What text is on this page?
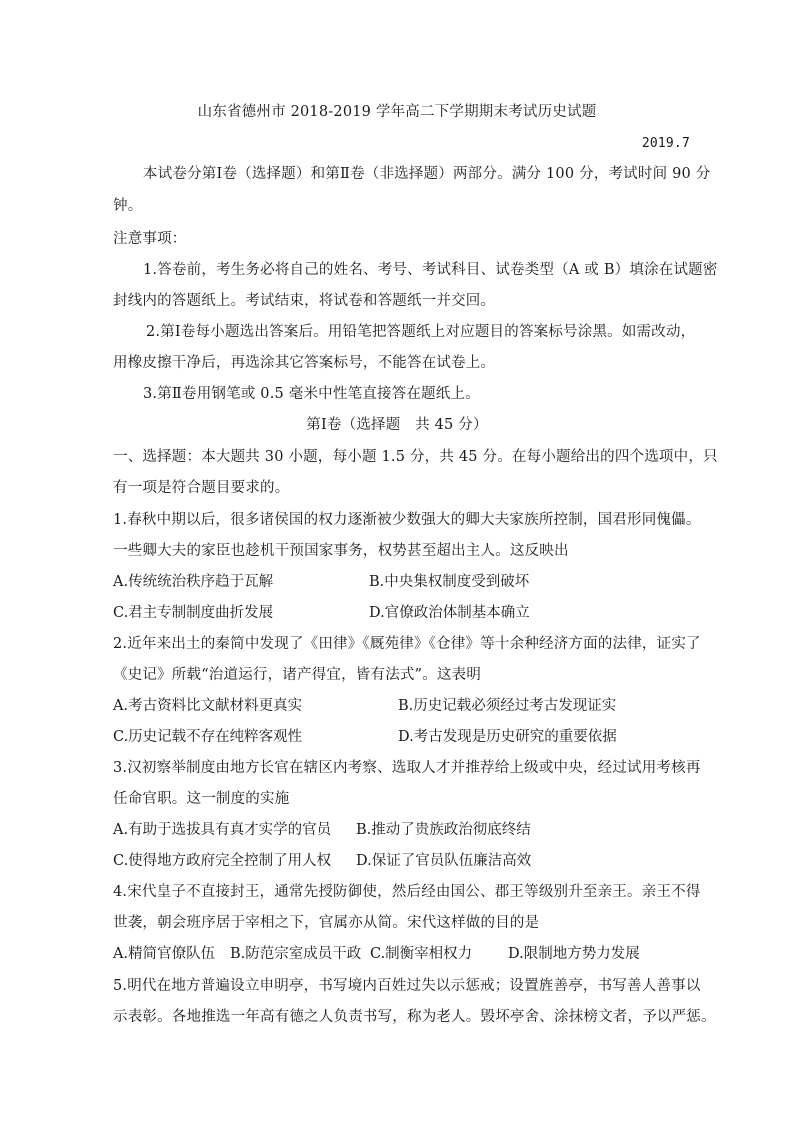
山东省德州市 2018-2019 学年高二下学期期末考试历史试题
2019.7
本试卷分第Ⅰ卷（选择题）和第Ⅱ卷（非选择题）两部分。满分 100 分，考试时间 90 分
钟。
注意事项：
1.答卷前，考生务必将自己的姓名、考号、考试科目、试卷类型（A 或 B）填涂在试题密
封线内的答题纸上。考试结束，将试卷和答题纸一并交回。
2.第Ⅰ卷每小题选出答案后。用铅笔把答题纸上对应题目的答案标号涂黑。如需改动，
用橡皮擦干净后，再选涂其它答案标号，不能答在试卷上。
3.第Ⅱ卷用钢笔或 0.5 毫米中性笔直接答在题纸上。
第Ⅰ卷（选择题　共 45 分）
一、选择题：本大题共 30 小题，每小题 1.5 分，共 45 分。在每小题给出的四个选项中，只
有一项是符合题目要求的。
1.春秋中期以后，很多诸侯国的权力逐渐被少数强大的卿大夫家族所控制，国君形同傀儡。
一些卿大夫的家臣也趁机干预国家事务，权势甚至超出主人。这反映出
A.传统统治秩序趋于瓦解	B.中央集权制度受到破坏
C.君主专制制度曲折发展	D.官僚政治体制基本确立
2.近年来出土的秦简中发现了《田律》《厩苑律》《仓律》等十余种经济方面的法律，证实了
《史记》所载“治道运行，诸产得宜，皆有法式”。这表明
A.考古资料比文献材料更真实	B.历史记载必须经过考古发现证实
C.历史记载不存在纯粹客观性	D.考古发现是历史研究的重要依据
3.汉初察举制度由地方长官在辖区内考察、选取人才并推荐给上级或中央，经过试用考核再
任命官职。这一制度的实施
A.有助于选拔具有真才实学的官员 B.推动了贵族政治彻底终结
C.使得地方政府完全控制了用人权 D.保证了官员队伍廉洁高效
4.宋代皇子不直接封王，通常先授防御使，然后经由国公、郡王等级别升至亲王。亲王不得
世袭，朝会班序居于宰相之下，官属亦从简。宋代这样做的目的是
A.精简官僚队伍 B.防范宗室成员干政 C.制衡宰相权力 D.限制地方势力发展
5.明代在地方普遍设立申明亭，书写境内百姓过失以示惩戒；设置旌善亭，书写善人善事以
示表彰。各地推选一年高有德之人负责书写，称为老人。毁坏亭舍、涂抹榜文者，予以严惩。
